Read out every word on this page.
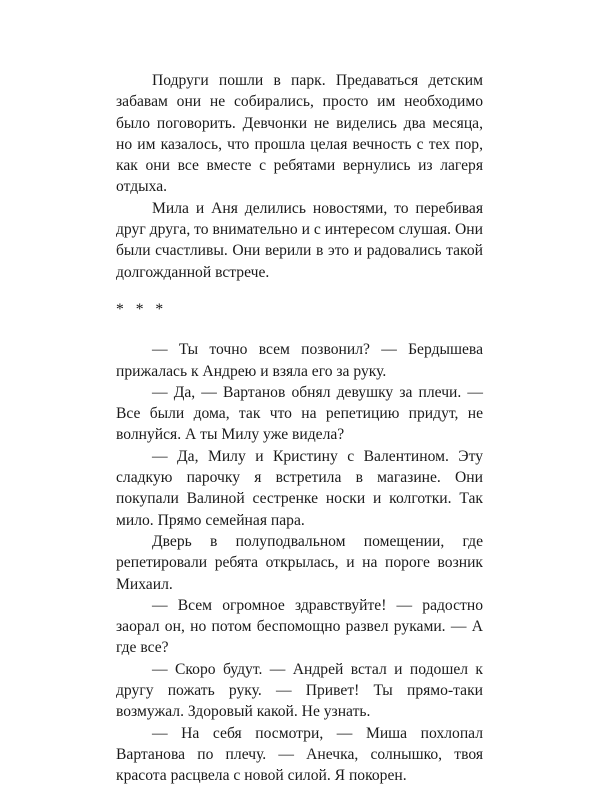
Подруги пошли в парк. Предаваться детским забавам они не собирались, просто им необходимо было поговорить. Девчонки не виделись два месяца, но им казалось, что прошла целая вечность с тех пор, как они все вместе с ребятами вернулись из лагеря отдыха.

Мила и Аня делились новостями, то перебивая друг друга, то внимательно и с интересом слушая. Они были счастливы. Они верили в это и радовались такой долгожданной встрече.

* * *

— Ты точно всем позвонил? — Бердышева прижалась к Андрею и взяла его за руку.

— Да, — Вартанов обнял девушку за плечи. — Все были дома, так что на репетицию придут, не волнуйся. А ты Милу уже видела?

— Да, Милу и Кристину с Валентином. Эту сладкую парочку я встретила в магазине. Они покупали Валиной сестренке носки и колготки. Так мило. Прямо семейная пара.

Дверь в полуподвальном помещении, где репетировали ребята открылась, и на пороге возник Михаил.

— Всем огромное здравствуйте! — радостно заорал он, но потом беспомощно развел руками. — А где все?

— Скоро будут. — Андрей встал и подошел к другу пожать руку. — Привет! Ты прямо-таки возмужал. Здоровый какой. Не узнать.

— На себя посмотри, — Миша похлопал Вартанова по плечу. — Анечка, солнышко, твоя красота расцвела с новой силой. Я покорен.
